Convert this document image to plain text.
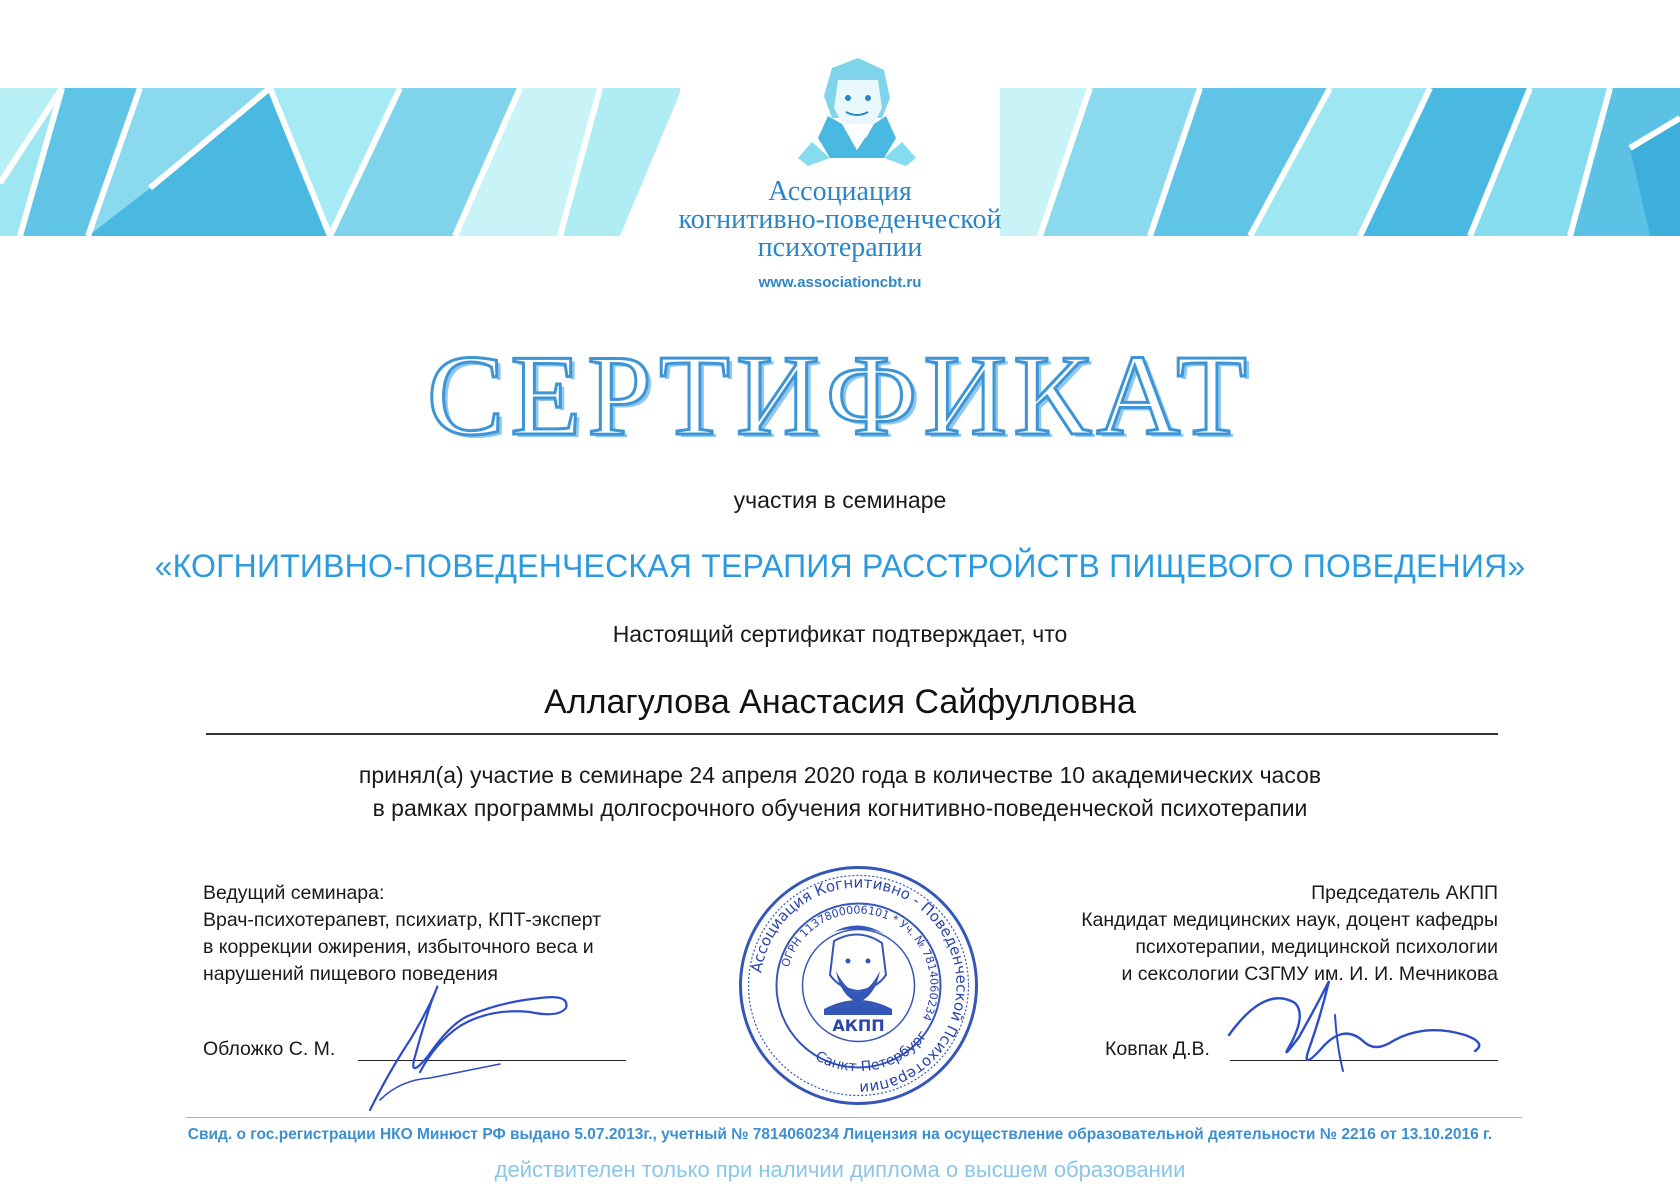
Ассоциация
когнитивно-поведенческой
психотерапии
www.associationcbt.ru
СЕРТИФИКАТ
участия в семинаре
«КОГНИТИВНО-ПОВЕДЕНЧЕСКАЯ ТЕРАПИЯ РАССТРОЙСТВ ПИЩЕВОГО ПОВЕДЕНИЯ»
Настоящий сертификат подтверждает, что
Аллагулова Анастасия Сайфулловна
принял(а) участие в семинаре 24 апреля 2020 года в количестве 10 академических часов
в рамках программы долгосрочного обучения когнитивно-поведенческой психотерапии
Ведущий семинара:
Врач-психотерапевт, психиатр, КПТ-эксперт
в коррекции ожирения, избыточного веса и
нарушений пищевого поведения
Обложко С. М.
Председатель АКПП
Кандидат медицинских наук, доцент кафедры
психотерапии, медицинской психологии
и сексологии СЗГМУ им. И. И. Мечникова
Ковпак Д.В.
Ассоциация Когнитивно - Поведенческой Психотерапии
ОГРН 1137800006101 * Уч. № 7814060234
Санкт-Петербург
АКПП
Свид. о гос.регистрации НКО Минюст РФ выдано 5.07.2013г., учетный № 7814060234 Лицензия на осуществление образовательной деятельности № 2216 от 13.10.2016 г.
действителен только при наличии диплома о высшем образовании
